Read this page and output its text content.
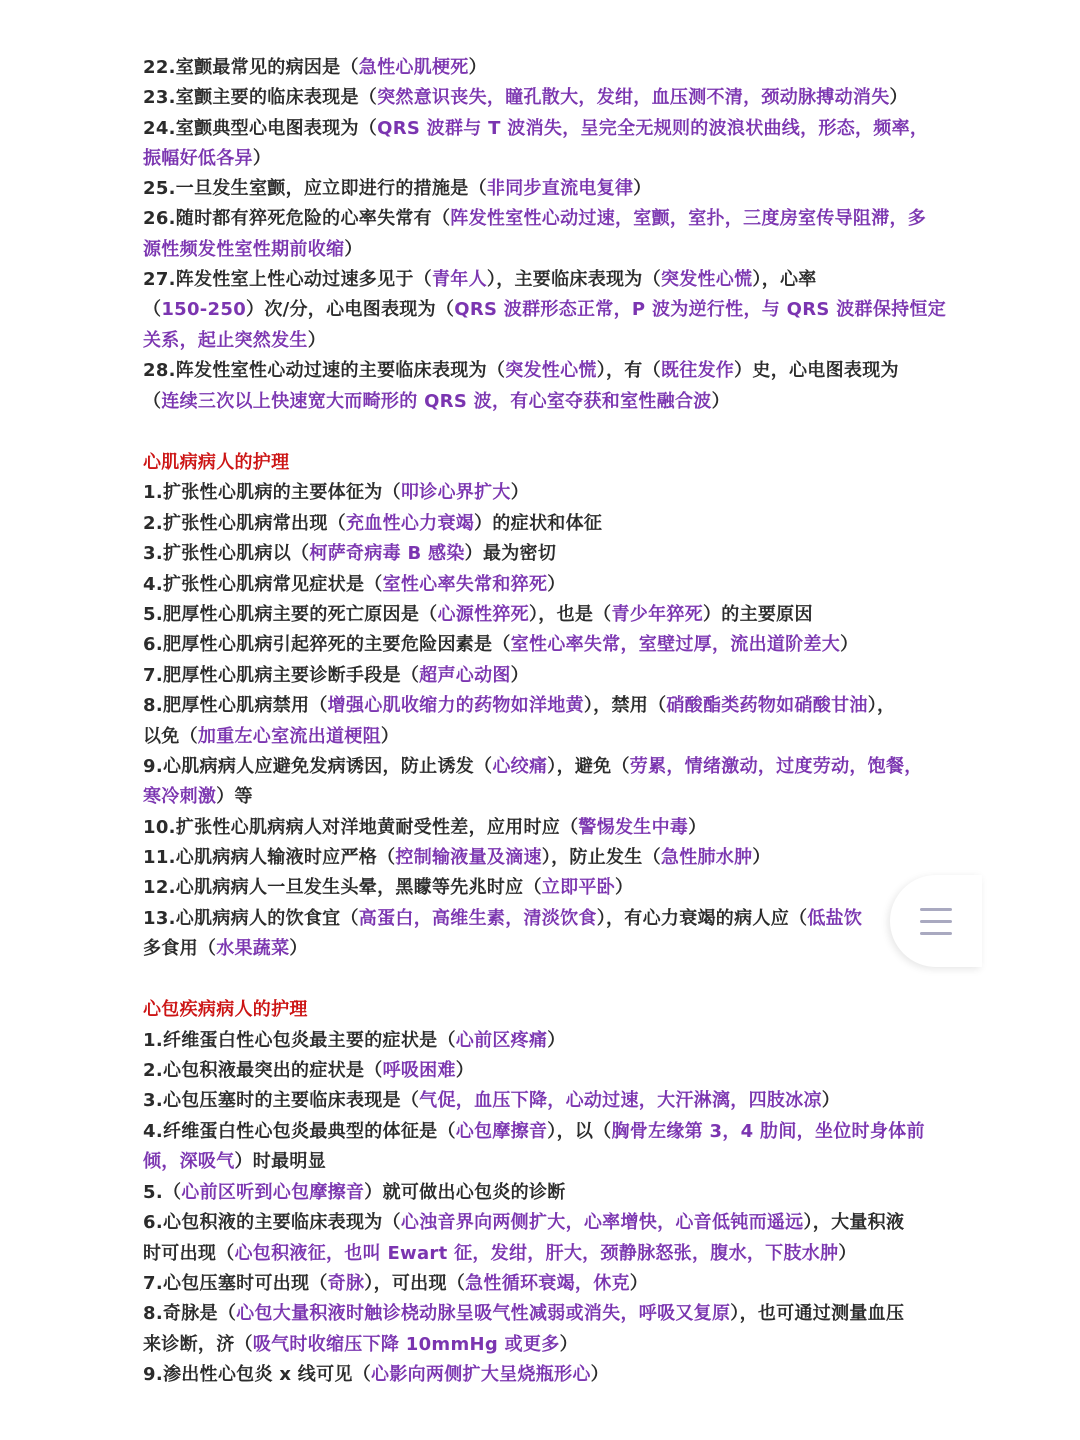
22.室颤最常见的病因是（急性心肌梗死）
23.室颤主要的临床表现是（突然意识丧失，瞳孔散大，发绀，血压测不清，颈动脉搏动消失）
24.室颤典型心电图表现为（QRS 波群与 T 波消失，呈完全无规则的波浪状曲线，形态，频率，
振幅好低各异）
25.一旦发生室颤，应立即进行的措施是（非同步直流电复律）
26.随时都有猝死危险的心率失常有（阵发性室性心动过速，室颤，室扑，三度房室传导阻滞，多
源性频发性室性期前收缩）
27.阵发性室上性心动过速多见于（青年人），主要临床表现为（突发性心慌），心率
（150-250）次/分，心电图表现为（QRS 波群形态正常，P 波为逆行性，与 QRS 波群保持恒定
关系，起止突然发生）
28.阵发性室性心动过速的主要临床表现为（突发性心慌），有（既往发作）史，心电图表现为
（连续三次以上快速宽大而畸形的 QRS 波，有心室夺获和室性融合波）
心肌病病人的护理
1.扩张性心肌病的主要体征为（叩诊心界扩大）
2.扩张性心肌病常出现（充血性心力衰竭）的症状和体征
3.扩张性心肌病以（柯萨奇病毒 B 感染）最为密切
4.扩张性心肌病常见症状是（室性心率失常和猝死）
5.肥厚性心肌病主要的死亡原因是（心源性猝死），也是（青少年猝死）的主要原因
6.肥厚性心肌病引起猝死的主要危险因素是（室性心率失常，室壁过厚，流出道阶差大）
7.肥厚性心肌病主要诊断手段是（超声心动图）
8.肥厚性心肌病禁用（增强心肌收缩力的药物如洋地黄），禁用（硝酸酯类药物如硝酸甘油），
以免（加重左心室流出道梗阻）
9.心肌病病人应避免发病诱因，防止诱发（心绞痛），避免（劳累，情绪激动，过度劳动，饱餐，
寒冷刺激）等
10.扩张性心肌病病人对洋地黄耐受性差，应用时应（警惕发生中毒）
11.心肌病病人输液时应严格（控制输液量及滴速），防止发生（急性肺水肿）
12.心肌病病人一旦发生头晕，黑矇等先兆时应（立即平卧）
13.心肌病病人的饮食宜（高蛋白，高维生素，清淡饮食），有心力衰竭的病人应（低盐饮
多食用（水果蔬菜）
心包疾病病人的护理
1.纤维蛋白性心包炎最主要的症状是（心前区疼痛）
2.心包积液最突出的症状是（呼吸困难）
3.心包压塞时的主要临床表现是（气促，血压下降，心动过速，大汗淋漓，四肢冰凉）
4.纤维蛋白性心包炎最典型的体征是（心包摩擦音），以（胸骨左缘第 3，4 肋间，坐位时身体前
倾，深吸气）时最明显
5.（心前区听到心包摩擦音）就可做出心包炎的诊断
6.心包积液的主要临床表现为（心浊音界向两侧扩大，心率增快，心音低钝而遥远），大量积液
时可出现（心包积液征，也叫 Ewart 征，发绀，肝大，颈静脉怒张，腹水，下肢水肿）
7.心包压塞时可出现（奇脉），可出现（急性循环衰竭，休克）
8.奇脉是（心包大量积液时触诊桡动脉呈吸气性减弱或消失，呼吸又复原），也可通过测量血压
来诊断，济（吸气时收缩压下降 10mmHg 或更多）
9.渗出性心包炎 x 线可见（心影向两侧扩大呈烧瓶形心）
